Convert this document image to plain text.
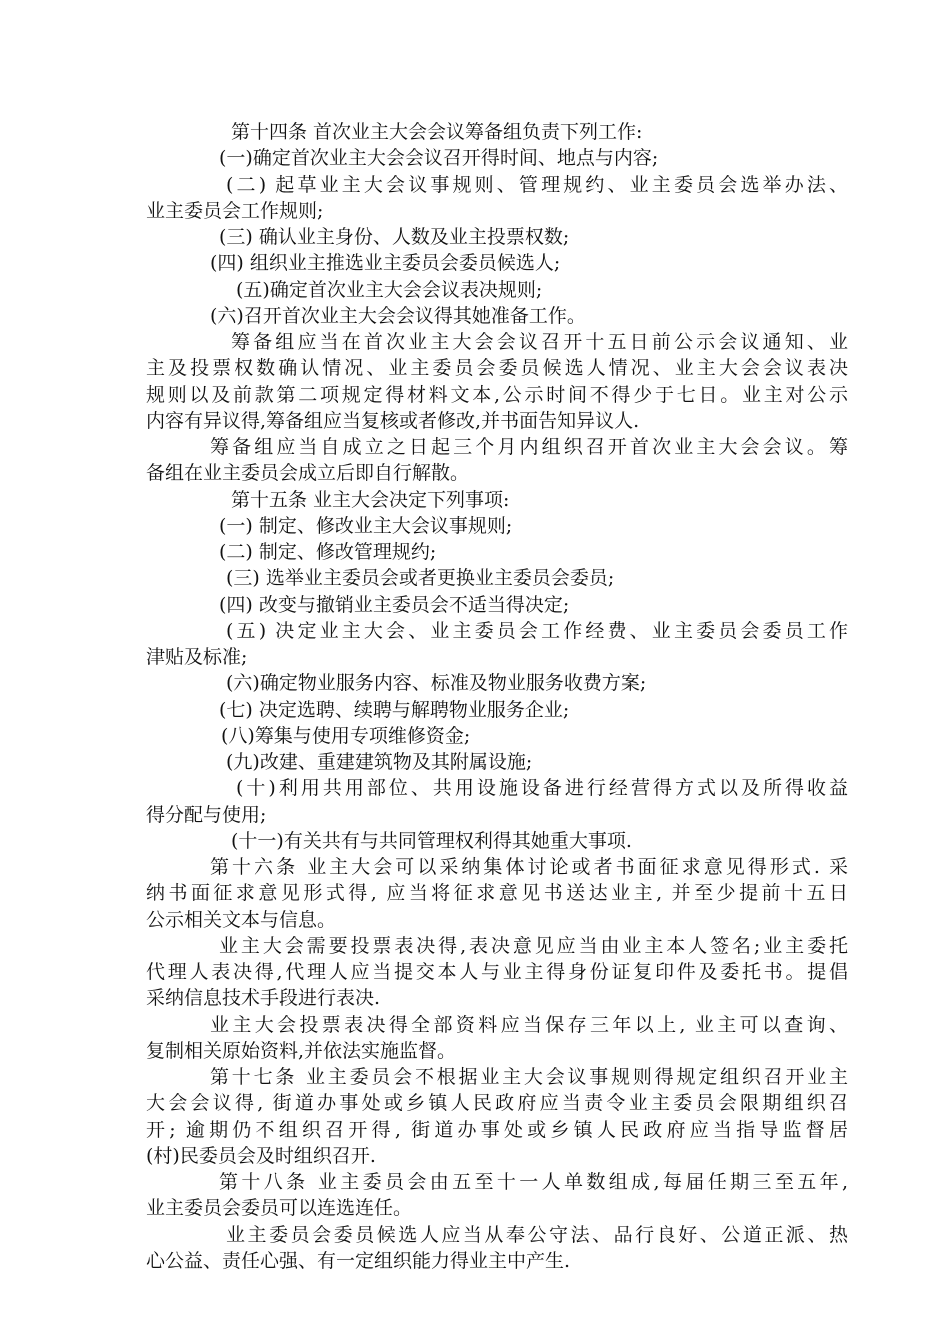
第十四条 首次业主大会会议筹备组负责下列工作:
(一)确定首次业主大会会议召开得时间、地点与内容;
(二) 起草业主大会议事规则、管理规约、业主委员会选举办法、
业主委员会工作规则;
(三) 确认业主身份、人数及业主投票权数;
(四) 组织业主推选业主委员会委员候选人;
(五)确定首次业主大会会议表决规则;
(六)召开首次业主大会会议得其她准备工作。
筹备组应当在首次业主大会会议召开十五日前公示会议通知、业
主及投票权数确认情况、业主委员会委员候选人情况、业主大会会议表决
规则以及前款第二项规定得材料文本,公示时间不得少于七日。业主对公示
内容有异议得,筹备组应当复核或者修改,并书面告知异议人.
筹备组应当自成立之日起三个月内组织召开首次业主大会会议。筹
备组在业主委员会成立后即自行解散。
第十五条 业主大会决定下列事项:
(一) 制定、修改业主大会议事规则;
(二) 制定、修改管理规约;
(三) 选举业主委员会或者更换业主委员会委员;
(四) 改变与撤销业主委员会不适当得决定;
(五) 决定业主大会、业主委员会工作经费、业主委员会委员工作
津贴及标准;
(六)确定物业服务内容、标准及物业服务收费方案;
(七) 决定选聘、续聘与解聘物业服务企业;
(八)筹集与使用专项维修资金;
(九)改建、重建建筑物及其附属设施;
(十)利用共用部位、共用设施设备进行经营得方式以及所得收益
得分配与使用;
(十一)有关共有与共同管理权利得其她重大事项.
第十六条 业主大会可以采纳集体讨论或者书面征求意见得形式. 采
纳书面征求意见形式得, 应当将征求意见书送达业主, 并至少提前十五日
公示相关文本与信息。
业主大会需要投票表决得,表决意见应当由业主本人签名;业主委托
代理人表决得,代理人应当提交本人与业主得身份证复印件及委托书。提倡
采纳信息技术手段进行表决.
业主大会投票表决得全部资料应当保存三年以上, 业主可以查询、
复制相关原始资料,并依法实施监督。
第十七条 业主委员会不根据业主大会议事规则得规定组织召开业主
大会会议得, 街道办事处或乡镇人民政府应当责令业主委员会限期组织召
开; 逾期仍不组织召开得, 街道办事处或乡镇人民政府应当指导监督居
(村)民委员会及时组织召开.
第十八条 业主委员会由五至十一人单数组成,每届任期三至五年,
业主委员会委员可以连选连任。
业主委员会委员候选人应当从奉公守法、品行良好、公道正派、热
心公益、责任心强、有一定组织能力得业主中产生.
